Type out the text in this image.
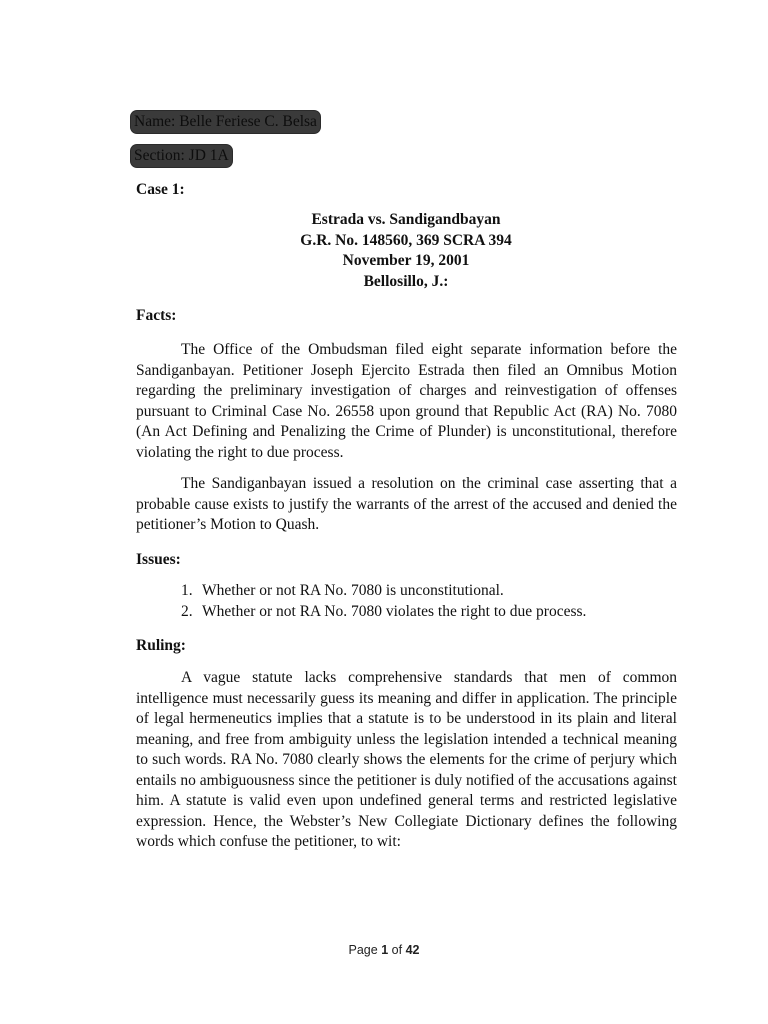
Name: Belle Feriese C. Belsa
Section: JD 1A
Case 1:
Estrada vs. Sandigandbayan
G.R. No. 148560, 369 SCRA 394
November 19, 2001
Bellosillo, J.:
Facts:
The Office of the Ombudsman filed eight separate information before the Sandiganbayan. Petitioner Joseph Ejercito Estrada then filed an Omnibus Motion regarding the preliminary investigation of charges and reinvestigation of offenses pursuant to Criminal Case No. 26558 upon ground that Republic Act (RA) No. 7080 (An Act Defining and Penalizing the Crime of Plunder) is unconstitutional, therefore violating the right to due process.
The Sandiganbayan issued a resolution on the criminal case asserting that a probable cause exists to justify the warrants of the arrest of the accused and denied the petitioner’s Motion to Quash.
Issues:
1. Whether or not RA No. 7080 is unconstitutional.
2. Whether or not RA No. 7080 violates the right to due process.
Ruling:
A vague statute lacks comprehensive standards that men of common intelligence must necessarily guess its meaning and differ in application. The principle of legal hermeneutics implies that a statute is to be understood in its plain and literal meaning, and free from ambiguity unless the legislation intended a technical meaning to such words. RA No. 7080 clearly shows the elements for the crime of perjury which entails no ambiguousness since the petitioner is duly notified of the accusations against him. A statute is valid even upon undefined general terms and restricted legislative expression. Hence, the Webster’s New Collegiate Dictionary defines the following words which confuse the petitioner, to wit:
Page 1 of 42
